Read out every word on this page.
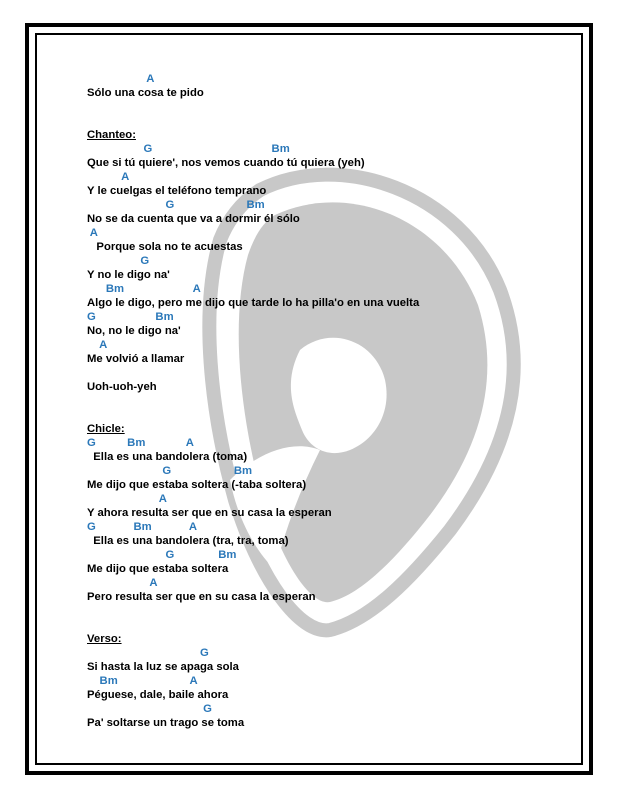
A
Sólo una cosa te pido
Chanteo:
G                                      Bm
Que si tú quiere', nos vemos cuando tú quiera (yeh)
A
Y le cuelgas el teléfono temprano
G                       Bm
No se da cuenta que va a dormir él sólo
A
Porque sola no te acuestas
G
Y no le digo na'
Bm                      A
Algo le digo, pero me dijo que tarde lo ha pilla'o en una vuelta
G                   Bm
No, no le digo na'
A
Me volvió a llamar
Uoh-uoh-yeh
Chicle:
G          Bm             A
Ella es una bandolera (toma)
G                    Bm
Me dijo que estaba soltera (-taba soltera)
A
Y ahora resulta ser que en su casa la esperan
G            Bm            A
Ella es una bandolera (tra, tra, toma)
G              Bm
Me dijo que estaba soltera
A
Pero resulta ser que en su casa la esperan
Verso:
G
Si hasta la luz se apaga sola
Bm                       A
Péguese, dale, baile ahora
G
Pa' soltarse un trago se toma
